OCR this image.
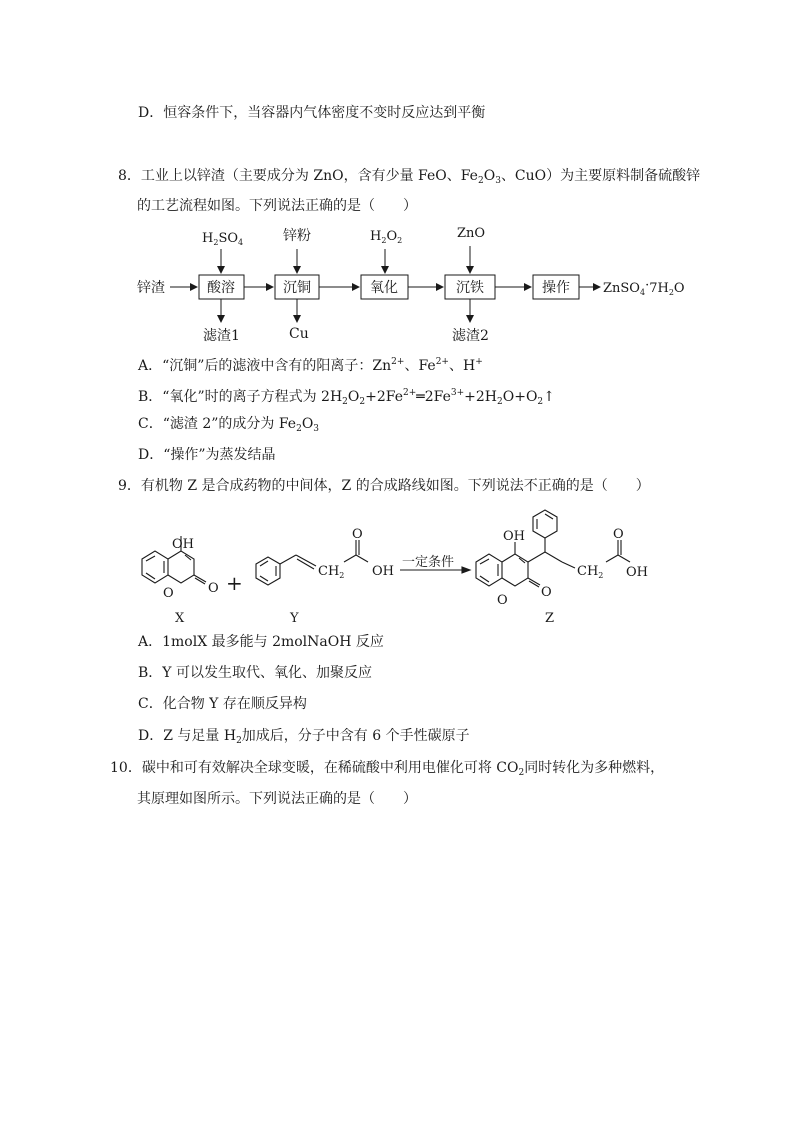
D．恒容条件下，当容器内气体密度不变时反应达到平衡
8．工业上以锌渣（主要成分为 ZnO，含有少量 FeO、$Fe_2O_3$、CuO）为主要原料制备硫酸锌
的工艺流程如图。下列说法正确的是（　　）
锌渣	酸溶	沉铜	氧化	沉铁	操作	$ZnSO_4\cdot 7H_2O$
$H_2SO_4$	锌粉	$H_2O_2$	ZnO
滤渣1	Cu	滤渣2
A．“沉铜”后的滤液中含有的阳离子：$Zn^{2+}$、$Fe^{2+}$、H+
B．“氧化”时的离子方程式为 $2H_2O_2+2Fe^{2+}═2Fe^{3+}+2H_2O+O_2↑$
C．“滤渣 2”的成分为 $Fe_2O_3$
D．“操作”为蒸发结晶
9．有机物 Z 是合成药物的中间体，Z 的合成路线如图。下列说法不正确的是（　　）
OH
O	O
X
+	$CH_2$
O
OH
Y
一定条件
OH
O
O
$CH_2$
O
OH
Z
A．1molX 最多能与 2molNaOH 反应
B．Y 可以发生取代、氧化、加聚反应
C．化合物 Y 存在顺反异构
D．Z 与足量 $H_2$加成后，分子中含有 6 个手性碳原子
10．碳中和可有效解决全球变暖，在稀硫酸中利用电催化可将 $CO_2$同时转化为多种燃料，
其原理如图所示。下列说法正确的是（　　）
